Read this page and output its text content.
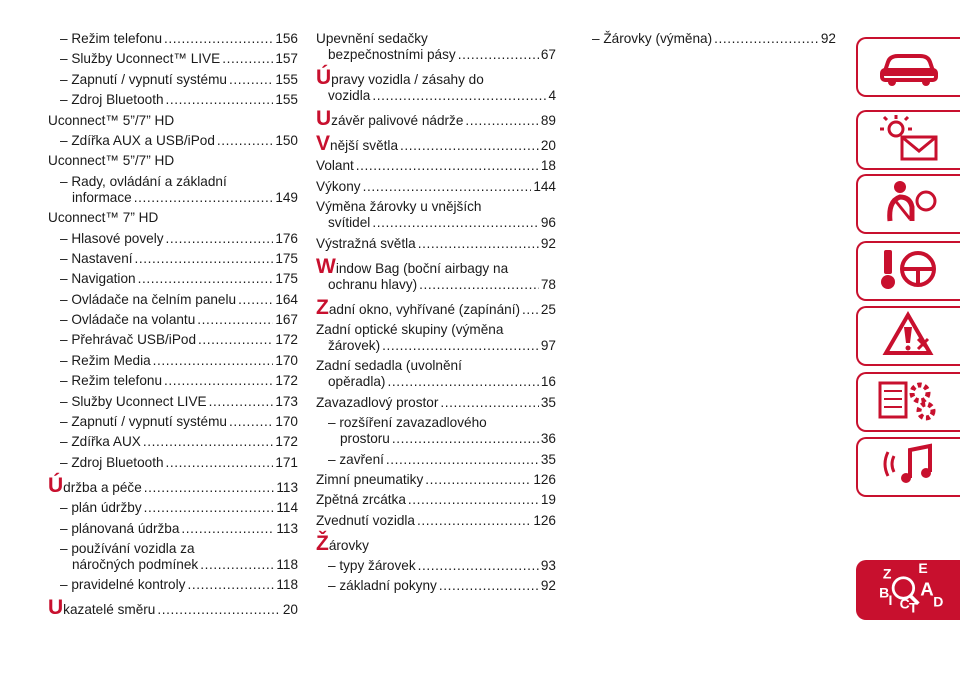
– Režim telefonu .....	156
– Služby Uconnect™ LIVE .....	157
– Zapnutí / vypnutí systému .....	155
– Zdroj Bluetooth .....	155
Uconnect™ 5”/7” HD
– Zdířka AUX a USB/iPod .....	150
Uconnect™ 5”/7” HD
– Rady, ovládání a základní
informace .....	149
Uconnect™ 7” HD
– Hlasové povely .....	176
– Nastavení .....	175
– Navigation .....	175
– Ovládače na čelním panelu .....	164
– Ovládače na volantu .....	167
– Přehrávač USB/iPod .....	172
– Režim Media .....	170
– Režim telefonu .....	172
– Služby Uconnect LIVE .....	173
– Zapnutí / vypnutí systému .....	170
– Zdířka AUX .....	172
– Zdroj Bluetooth .....	171
Údržba a péče .....	113
– plán údržby .....	114
– plánovaná údržba .....	113
– používání vozidla za
náročných podmínek .....	118
– pravidelné kontroly .....	118
Ukazatelé směru .....	20
Upevnění sedačky
bezpečnostními pásy .....	67
Úpravy vozidla / zásahy do
vozidla .....	4
Uzávěr palivové nádrže .....	89
Vnější světla .....	20
Volant .....	18
Výkony .....	144
Výměna žárovky u vnějších
svítidel .....	96
Výstražná světla .....	92
Window Bag (boční airbagy na
ochranu hlavy) .....	78
Zadní okno, vyhřívané (zapínání) ..... 25
Zadní optické skupiny (výměna
žárovek) .....	97
Zadní sedadla (uvolnění
opěradla) .....	16
Zavazadlový prostor .....	35
– rozšíření zavazadlového
prostoru .....	36
– zavření .....	35
Zimní pneumatiky .....	126
Zpětná zrcátka .....	19
Zvednutí vozidla .....	126
Žárovky
– typy žárovek .....	93
– základní pokyny .....	92
– Žárovky (výměna) .....	92
Z E
B A
I C T D
